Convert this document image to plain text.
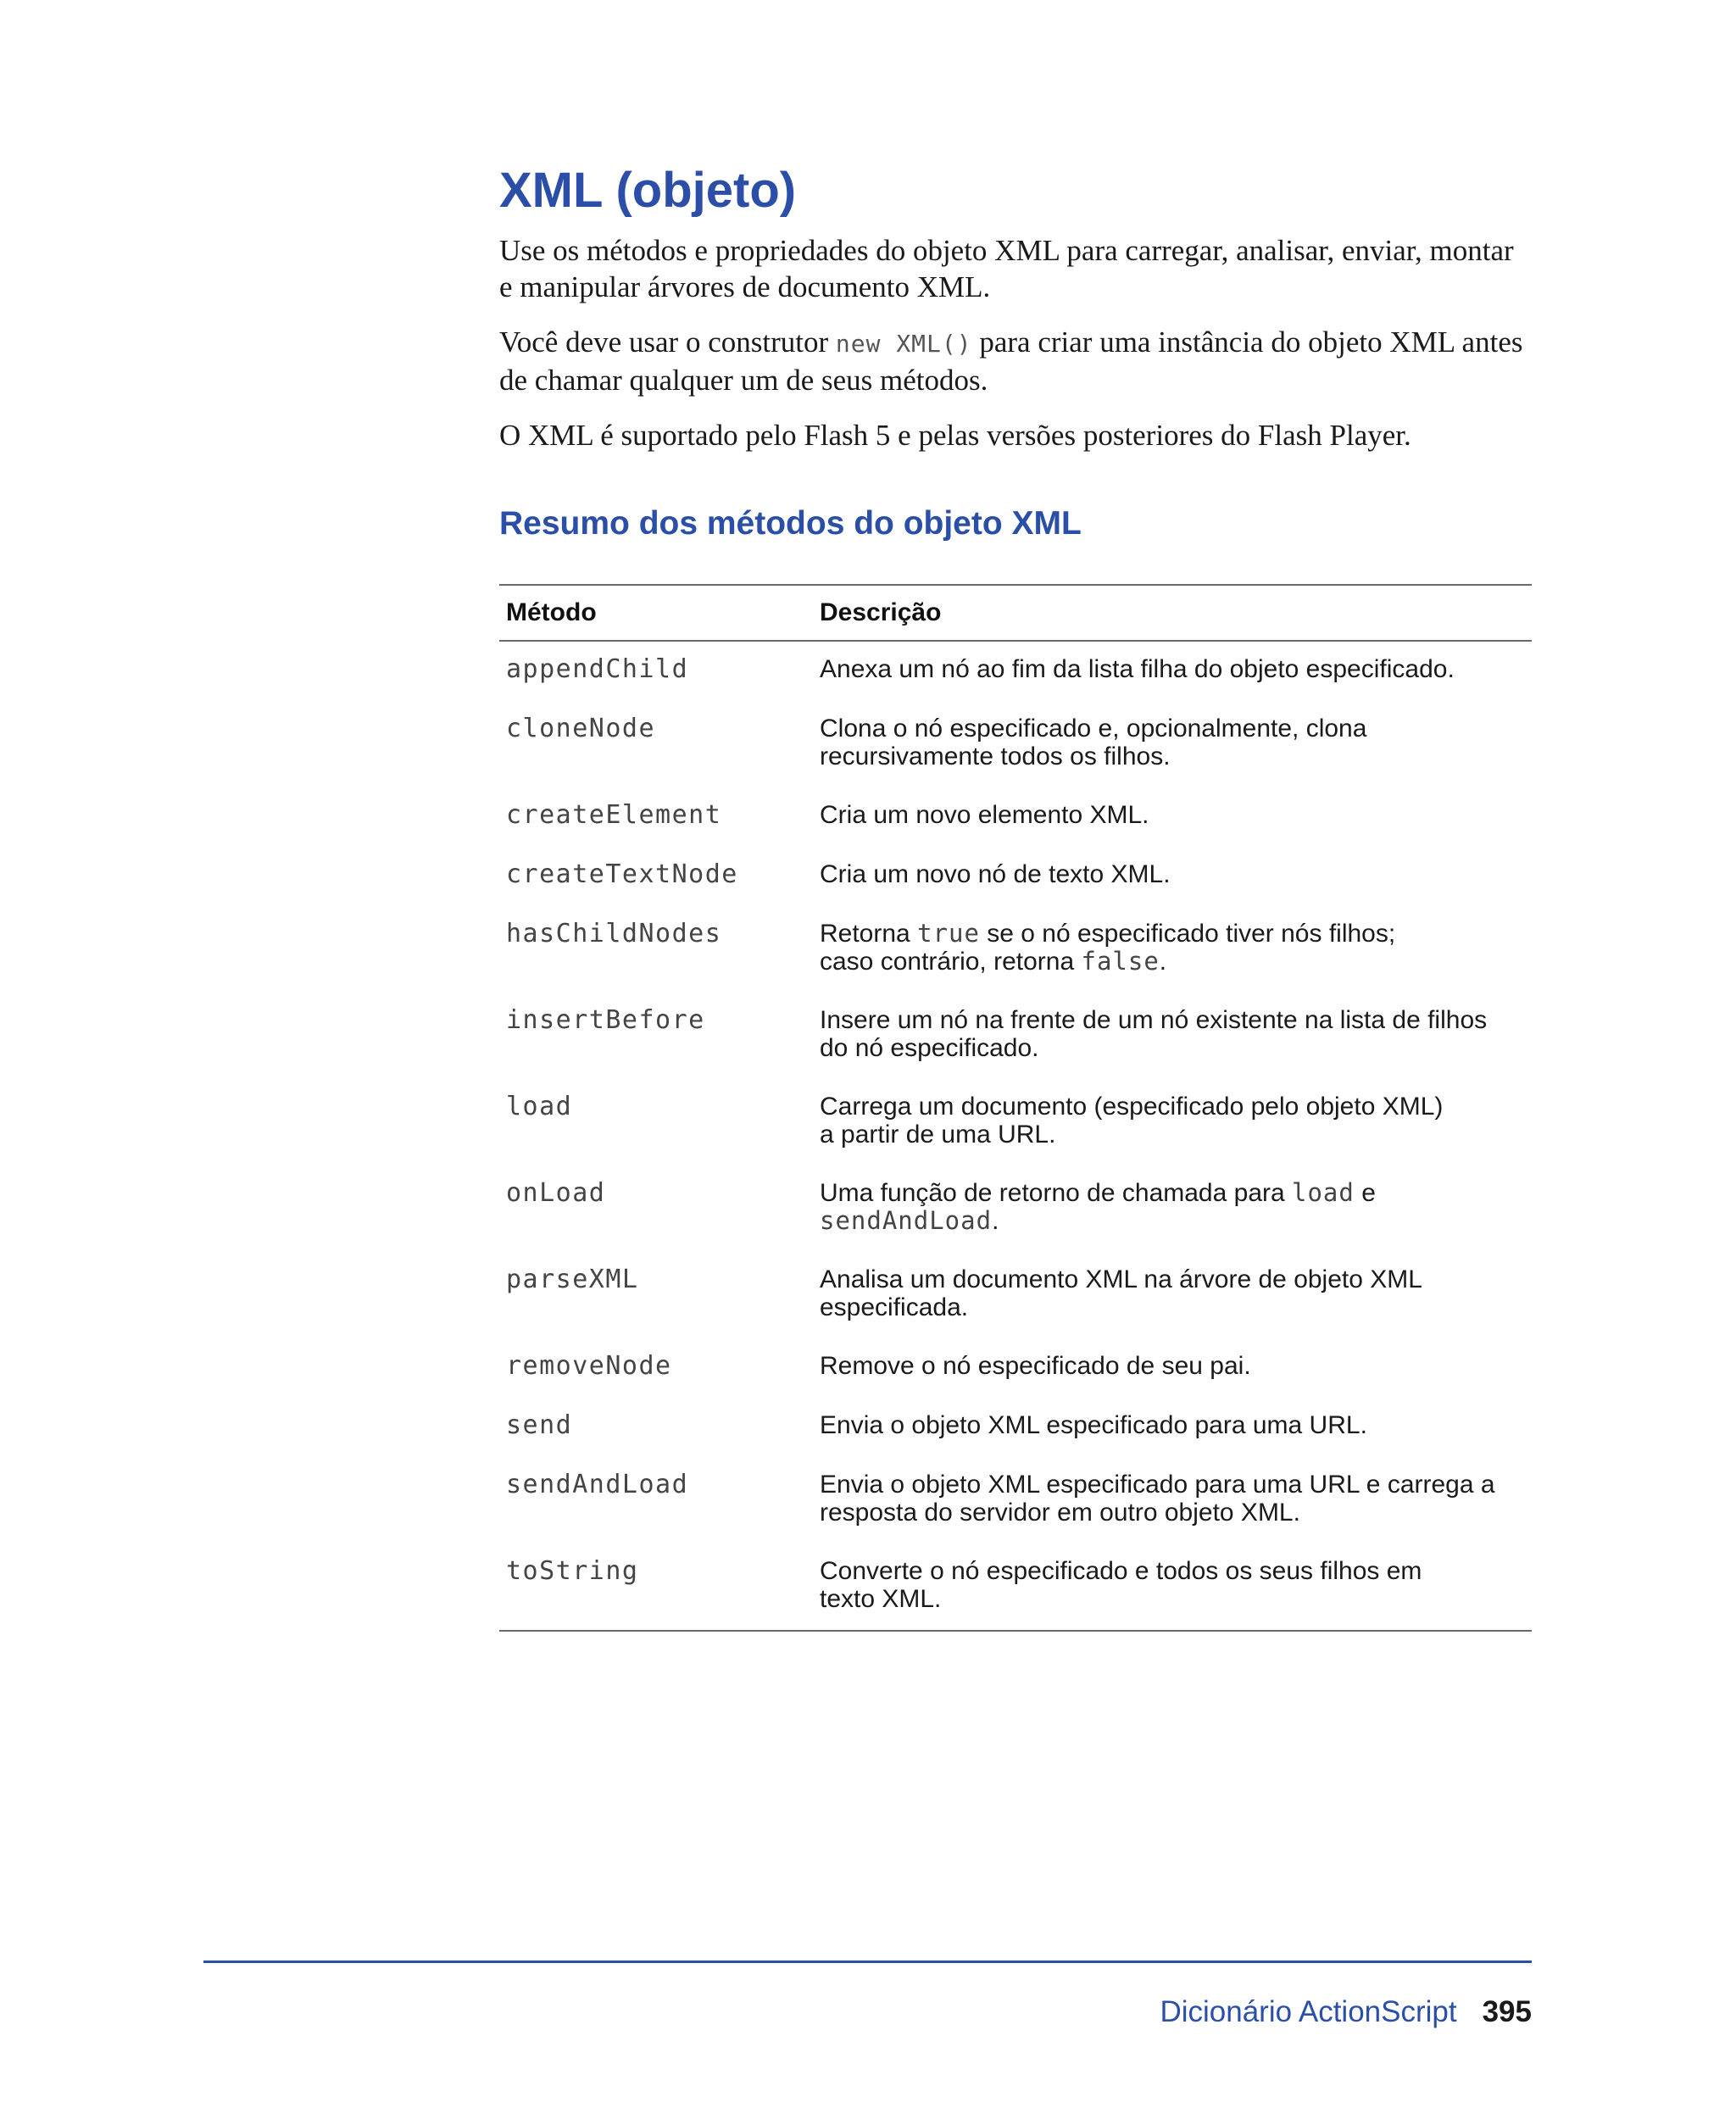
XML (objeto)

Use os métodos e propriedades do objeto XML para carregar, analisar, enviar, montar e manipular árvores de documento XML.

Você deve usar o construtor new XML() para criar uma instância do objeto XML antes de chamar qualquer um de seus métodos.

O XML é suportado pelo Flash 5 e pelas versões posteriores do Flash Player.

Resumo dos métodos do objeto XML
Método	Descrição

appendChild	Anexa um nó ao fim da lista filha do objeto especificado.

cloneNode	Clona o nó especificado e, opcionalmente, clona recursivamente todos os filhos.

createElement	Cria um novo elemento XML.

createTextNode	Cria um novo nó de texto XML.

hasChildNodes	Retorna true se o nó especificado tiver nós filhos; caso contrário, retorna false.

insertBefore	Insere um nó na frente de um nó existente na lista de filhos do nó especificado.

load	Carrega um documento (especificado pelo objeto XML) a partir de uma URL.

onLoad	Uma função de retorno de chamada para load e sendAndLoad.

parseXML	Analisa um documento XML na árvore de objeto XML especificada.

removeNode	Remove o nó especificado de seu pai.

send	Envia o objeto XML especificado para uma URL.

sendAndLoad	Envia o objeto XML especificado para uma URL e carrega a resposta do servidor em outro objeto XML.

toString	Converte o nó especificado e todos os seus filhos em texto XML.
Dicionário ActionScript 395
